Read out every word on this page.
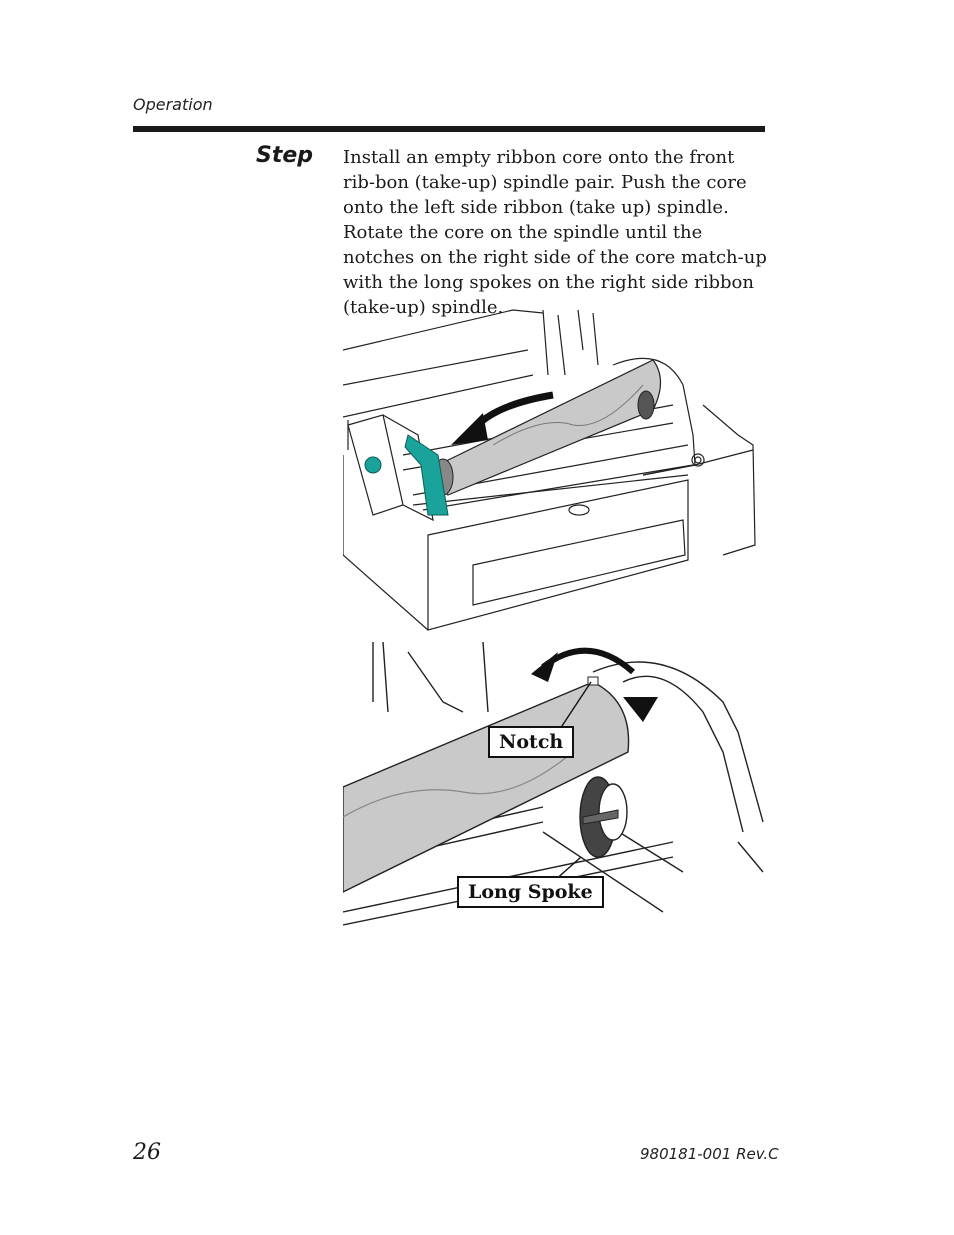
Operation
Step Install an empty ribbon core onto the front rib-bon (take-up) spindle pair. Push the core onto the left side ribbon (take up) spindle. Rotate the core on the spindle until the notches on the right side of the core match-up with the long spokes on the right side ribbon (take-up) spindle.
Notch
Long Spoke
26	980181-001 Rev.C
